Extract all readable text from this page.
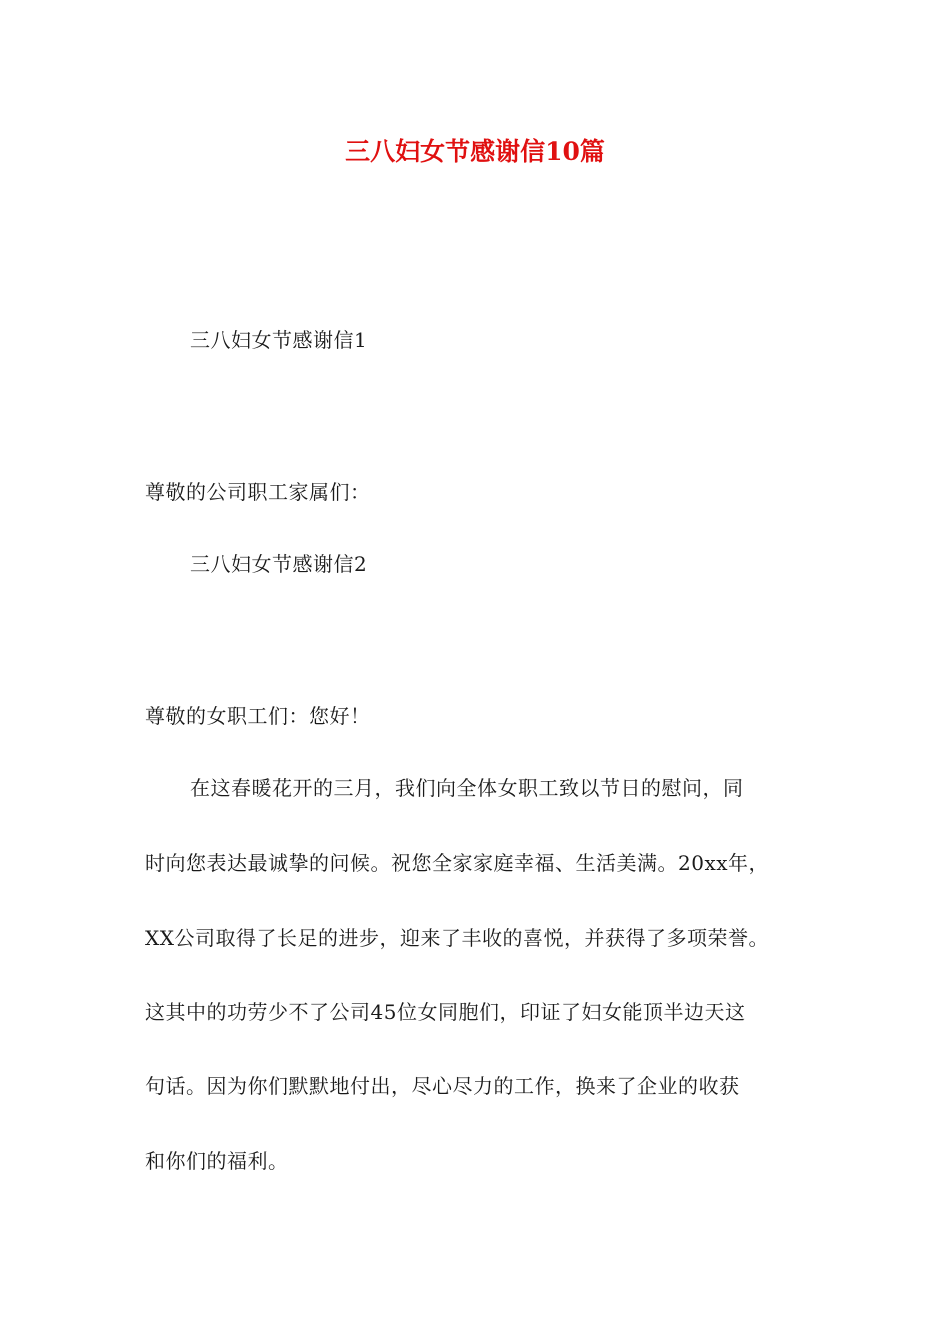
三八妇女节感谢信10篇
三八妇女节感谢信1
尊敬的公司职工家属们：
三八妇女节感谢信2
尊敬的女职工们：您好！
在这春暖花开的三月，我们向全体女职工致以节日的慰问，同
时向您表达最诚挚的问候。祝您全家家庭幸福、生活美满。20xx年，
XX公司取得了长足的进步，迎来了丰收的喜悦，并获得了多项荣誉。
这其中的功劳少不了公司45位女同胞们，印证了妇女能顶半边天这
句话。因为你们默默地付出，尽心尽力的工作，换来了企业的收获
和你们的福利。
